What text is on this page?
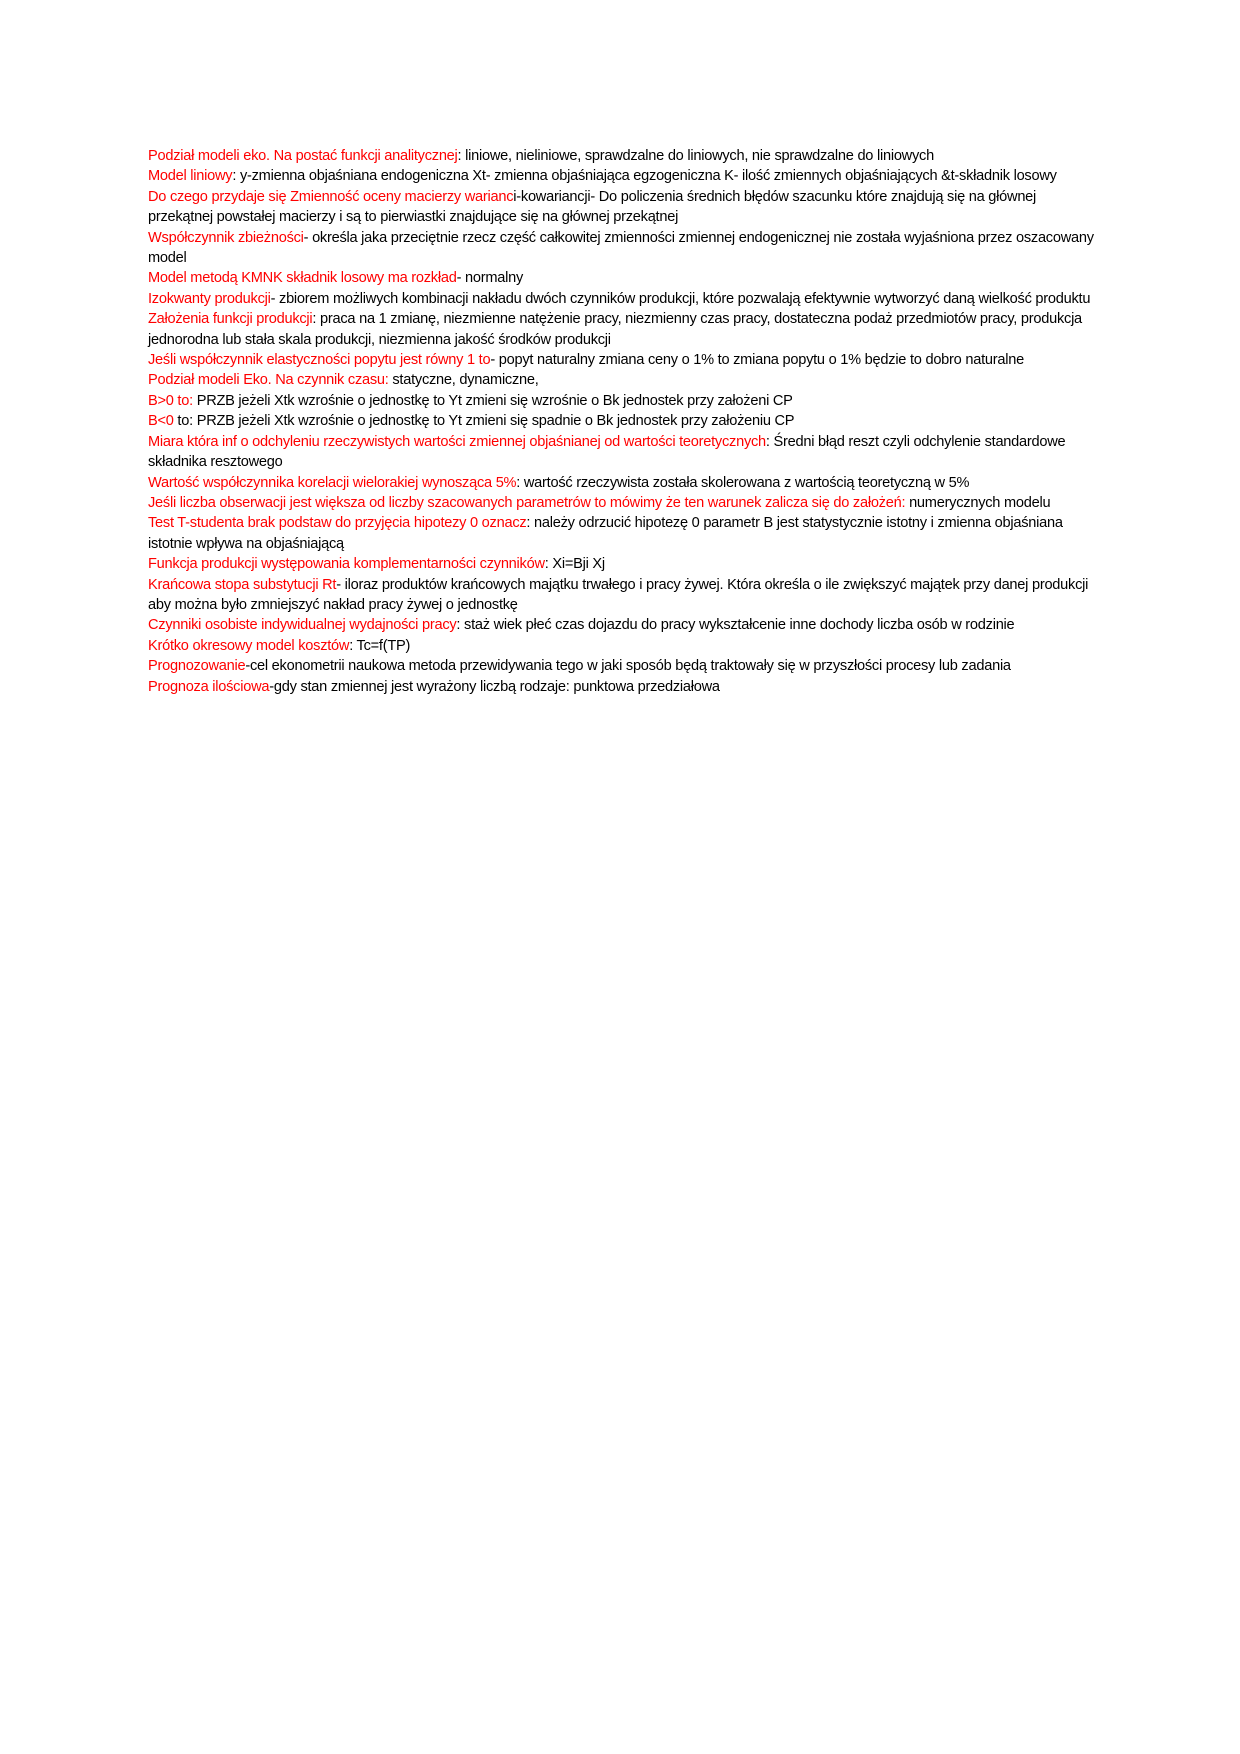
Podział modeli eko. Na postać funkcji analitycznej: liniowe, nieliniowe, sprawdzalne do liniowych, nie sprawdzalne do liniowych
Model liniowy: y-zmienna objaśniana endogeniczna Xt- zmienna objaśniająca egzogeniczna K- ilość zmiennych objaśniających &t-składnik losowy
Do czego przydaje się Zmienność oceny macierzy warianci-kowariancji- Do policzenia średnich błędów szacunku które znajdują się na głównej przekątnej powstałej macierzy i są to pierwiastki znajdujące się na głównej przekątnej
Współczynnik zbieżności- określa jaka przeciętnie rzecz część całkowitej zmienności zmiennej endogenicznej nie została wyjaśniona przez oszacowany model
Model metodą KMNK składnik losowy ma rozkład- normalny
Izokwanty produkcji- zbiorem możliwych kombinacji nakładu dwóch czynników produkcji, które pozwalają efektywnie wytworzyć daną wielkość produktu
Założenia funkcji produkcji: praca na 1 zmianę, niezmienne natężenie pracy, niezmienny czas pracy, dostateczna podaż przedmiotów pracy, produkcja jednorodna lub stała skala produkcji, niezmienna jakość środków produkcji
Jeśli współczynnik elastyczności popytu jest równy 1 to- popyt naturalny zmiana ceny o 1% to zmiana popytu o 1% będzie to dobro naturalne
Podział modeli Eko. Na czynnik czasu: statyczne, dynamiczne,
B>0 to: PRZB jeżeli Xtk wzrośnie o jednostkę to Yt zmieni się wzrośnie o Bk jednostek przy założeni CP
B<0 to: PRZB jeżeli Xtk wzrośnie o jednostkę to Yt zmieni się spadnie o Bk jednostek przy założeniu CP
Miara która inf o odchyleniu rzeczywistych wartości zmiennej objaśnianej od wartości teoretycznych: Średni błąd reszt czyli odchylenie standardowe składnika resztowego
Wartość współczynnika korelacji wielorakiej wynosząca 5%: wartość rzeczywista została skolerowana z wartością teoretyczną w 5%
Jeśli liczba obserwacji jest większa od liczby szacowanych parametrów to mówimy że ten warunek zalicza się do założeń: numerycznych modelu
Test T-studenta brak podstaw do przyjęcia hipotezy 0 oznacz: należy odrzucić hipotezę 0 parametr B jest statystycznie istotny i zmienna objaśniana istotnie wpływa na objaśniającą
Funkcja produkcji występowania komplementarności czynników: Xi=Bji Xj
Krańcowa stopa substytucji Rt- iloraz produktów krańcowych majątku trwałego i pracy żywej. Która określa o ile zwiększyć majątek przy danej produkcji aby można było zmniejszyć nakład pracy żywej o jednostkę
Czynniki osobiste indywidualnej wydajności pracy: staż wiek płeć czas dojazdu do pracy wykształcenie inne dochody liczba osób w rodzinie
Krótko okresowy model kosztów: Tc=f(TP)
Prognozowanie-cel ekonometrii naukowa metoda przewidywania tego w jaki sposób będą traktowały się w przyszłości procesy lub zadania
Prognoza ilościowa-gdy stan zmiennej jest wyrażony liczbą rodzaje: punktowa przedziałowa
